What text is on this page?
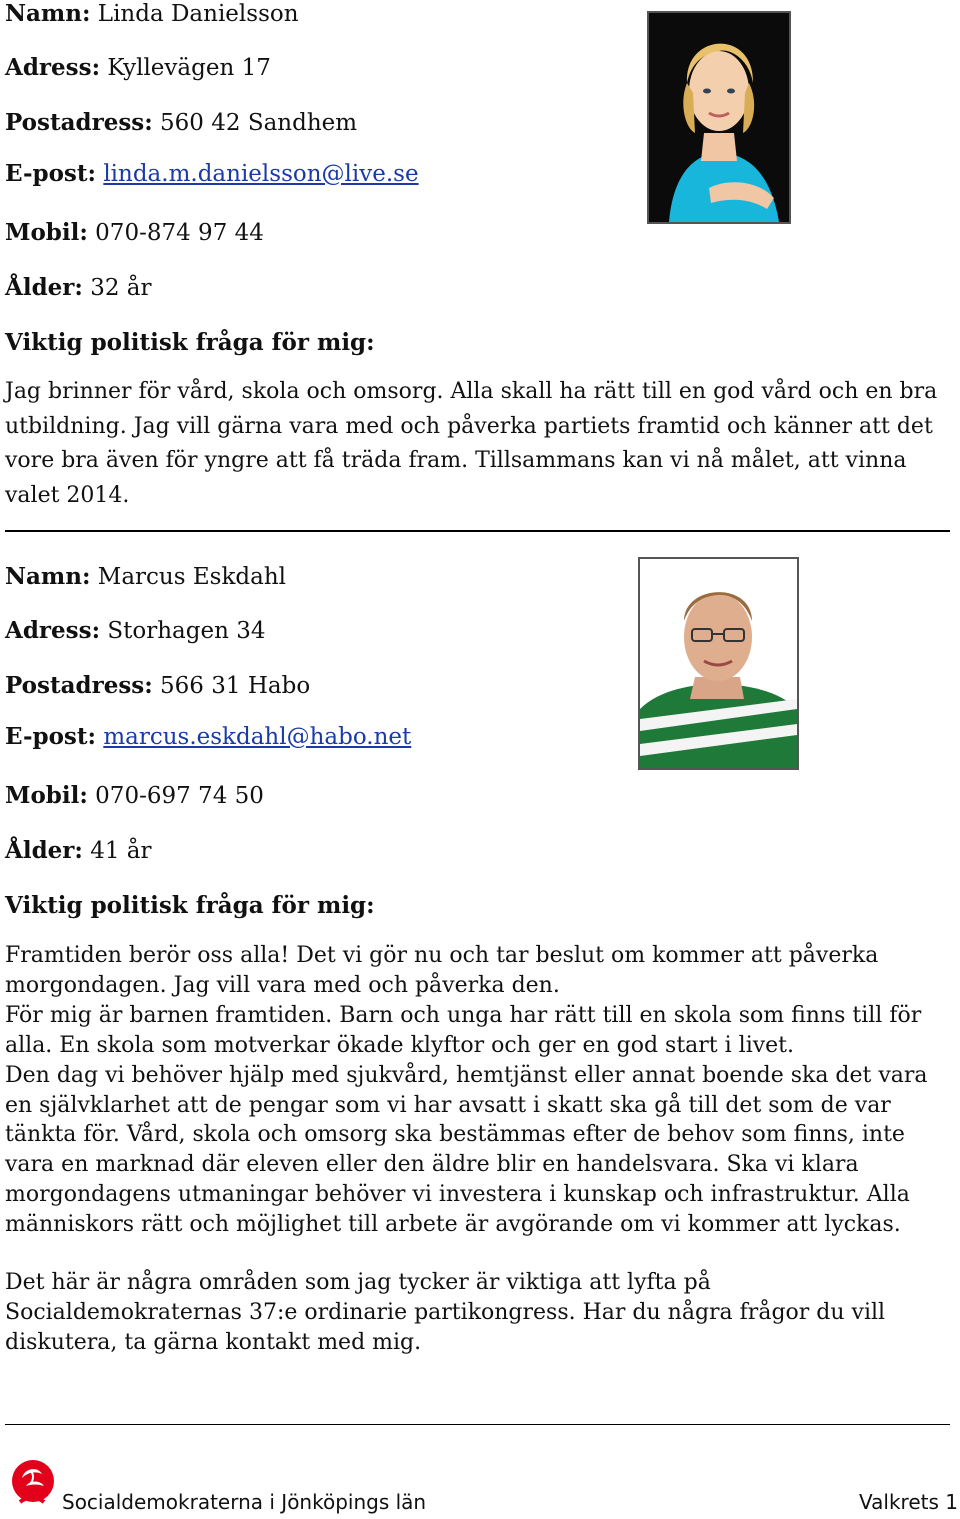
Namn: Linda Danielsson
Adress: Kyllevägen 17
Postadress: 560 42 Sandhem
E-post: linda.m.danielsson@live.se
Mobil: 070-874 97 44
Ålder: 32 år
Viktig politisk fråga för mig:
Jag brinner för vård, skola och omsorg. Alla skall ha rätt till en god vård och en bra utbildning. Jag vill gärna vara med och påverka partiets framtid och känner att det vore bra även för yngre att få träda fram. Tillsammans kan vi nå målet, att vinna valet 2014.
Namn: Marcus Eskdahl
Adress: Storhagen 34
Postadress: 566 31 Habo
E-post: marcus.eskdahl@habo.net
Mobil: 070-697 74 50
Ålder: 41 år
Viktig politisk fråga för mig:

Framtiden berör oss alla! Det vi gör nu och tar beslut om kommer att påverka morgondagen. Jag vill vara med och påverka den.

För mig är barnen framtiden. Barn och unga har rätt till en skola som finns till för alla. En skola som motverkar ökade klyftor och ger en god start i livet.

Den dag vi behöver hjälp med sjukvård, hemtjänst eller annat boende ska det vara en självklarhet att de pengar som vi har avsatt i skatt ska gå till det som de var tänkta för. Vård, skola och omsorg ska bestämmas efter de behov som finns, inte vara en marknad där eleven eller den äldre blir en handelsvara. Ska vi klara morgondagens utmaningar behöver vi investera i kunskap och infrastruktur. Alla människors rätt och möjlighet till arbete är avgörande om vi kommer att lyckas.

Det här är några områden som jag tycker är viktiga att lyfta på Socialdemokraternas 37:e ordinarie partikongress. Har du några frågor du vill diskutera, ta gärna kontakt med mig.

Socialdemokraterna i Jönköpings län	Valkrets 1
